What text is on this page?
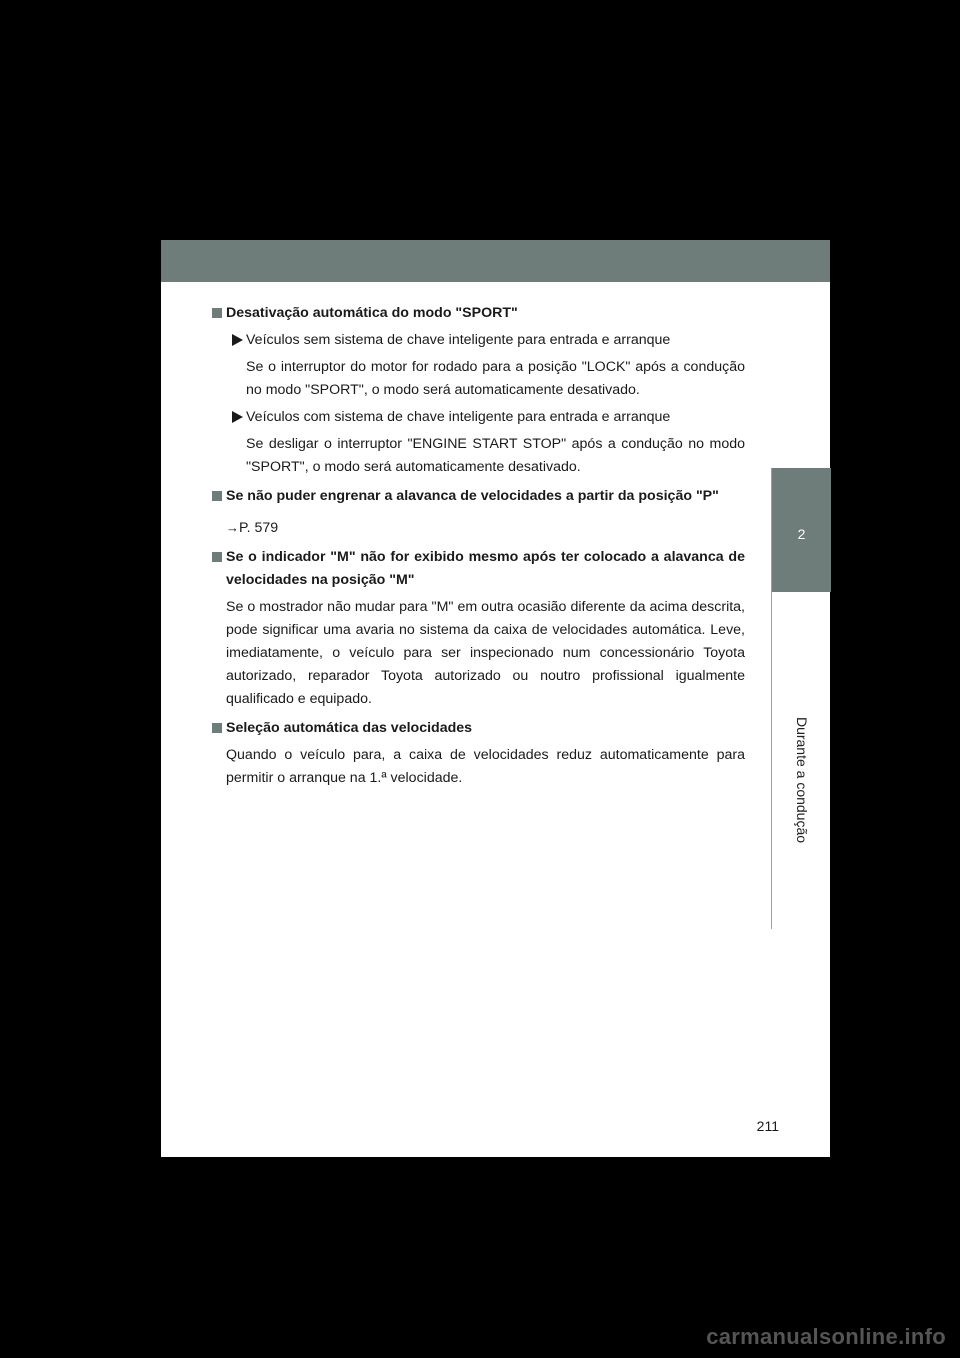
2
Durante a condução
Desativação automática do modo "SPORT"
Veículos sem sistema de chave inteligente para entrada e arranque
Se o interruptor do motor for rodado para a posição "LOCK" após a condução no modo "SPORT", o modo será automaticamente desativado.
Veículos com sistema de chave inteligente para entrada e arranque
Se desligar o interruptor "ENGINE START STOP" após a condução no modo "SPORT", o modo será automaticamente desativado.
Se não puder engrenar a alavanca de velocidades a partir da posição "P"
→P. 579
Se o indicador "M" não for exibido mesmo após ter colocado a alavanca de velocidades na posição "M"
Se o mostrador não mudar para "M" em outra ocasião diferente da acima descrita, pode significar uma avaria no sistema da caixa de velocidades automática. Leve, imediatamente, o veículo para ser inspecionado num concessionário Toyota autorizado, reparador Toyota autorizado ou noutro profissional igualmente qualificado e equipado.
Seleção automática das velocidades
Quando o veículo para, a caixa de velocidades reduz automaticamente para permitir o arranque na 1.ª velocidade.
211
carmanualsonline.info
